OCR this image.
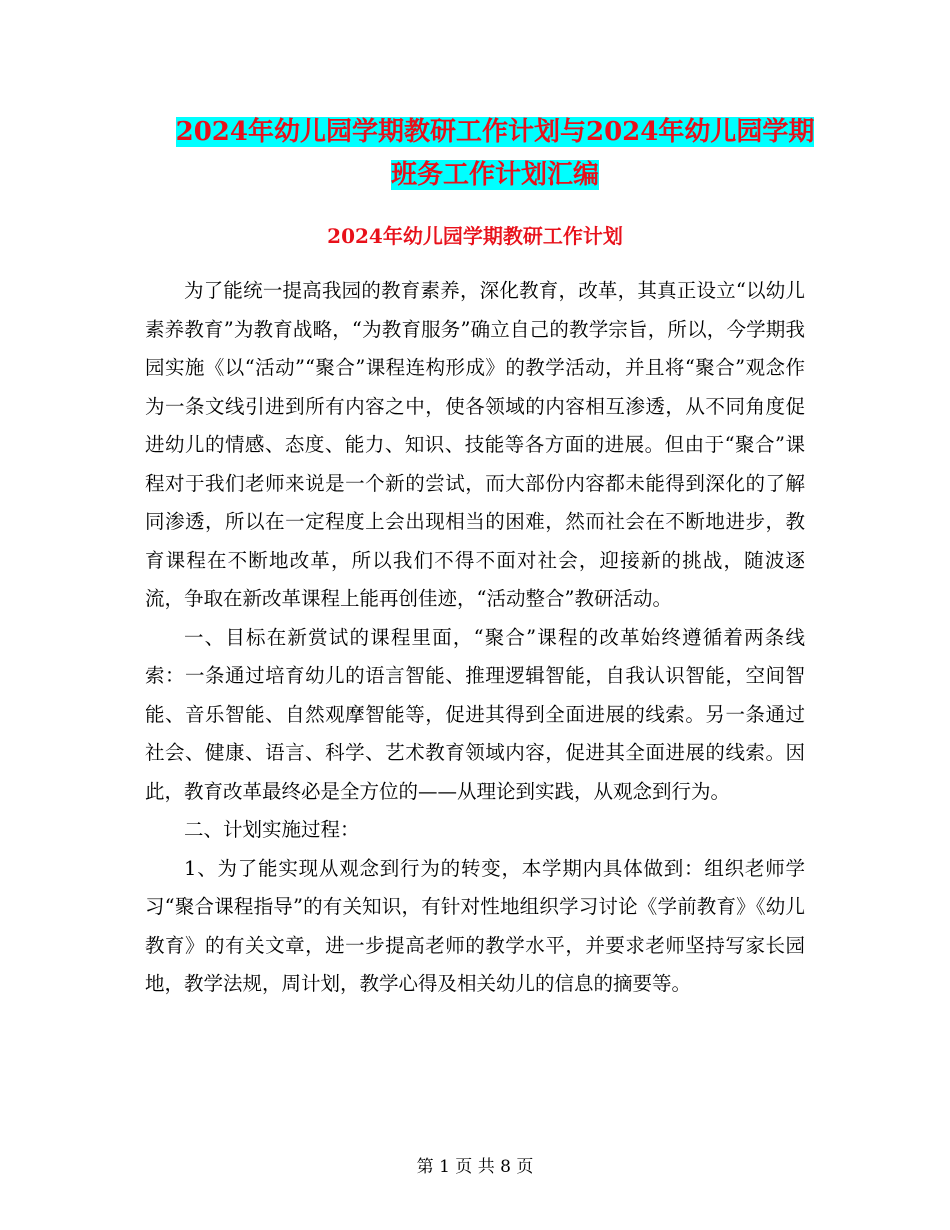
2024年幼儿园学期教研工作计划与2024年幼儿园学期
班务工作计划汇编
2024年幼儿园学期教研工作计划

为了能统一提高我园的教育素养，深化教育，改革，其真正设立“以幼儿素养教育”为教育战略，“为教育服务”确立自己的教学宗旨，所以，今学期我园实施《以“活动”“聚合”课程连构形成》的教学活动，并且将“聚合”观念作为一条文线引进到所有内容之中，使各领域的内容相互渗透，从不同角度促进幼儿的情感、态度、能力、知识、技能等各方面的进展。但由于“聚合”课程对于我们老师来说是一个新的尝试，而大部份内容都未能得到深化的了解同渗透，所以在一定程度上会出现相当的困难，然而社会在不断地进步，教育课程在不断地改革，所以我们不得不面对社会，迎接新的挑战，随波逐流，争取在新改革课程上能再创佳迹，“活动整合”教研活动。

一、目标在新赏试的课程里面，“聚合”课程的改革始终遵循着两条线索：一条通过培育幼儿的语言智能、推理逻辑智能，自我认识智能，空间智能、音乐智能、自然观摩智能等，促进其得到全面进展的线索。另一条通过社会、健康、语言、科学、艺术教育领域内容，促进其全面进展的线索。因此，教育改革最终必是全方位的——从理论到实践，从观念到行为。

二、计划实施过程：

1、为了能实现从观念到行为的转变，本学期内具体做到：组织老师学习“聚合课程指导”的有关知识，有针对性地组织学习讨论《学前教育》《幼儿教育》的有关文章，进一步提高老师的教学水平，并要求老师坚持写家长园地，教学法规，周计划，教学心得及相关幼儿的信息的摘要等。

第 1 页 共 8 页
